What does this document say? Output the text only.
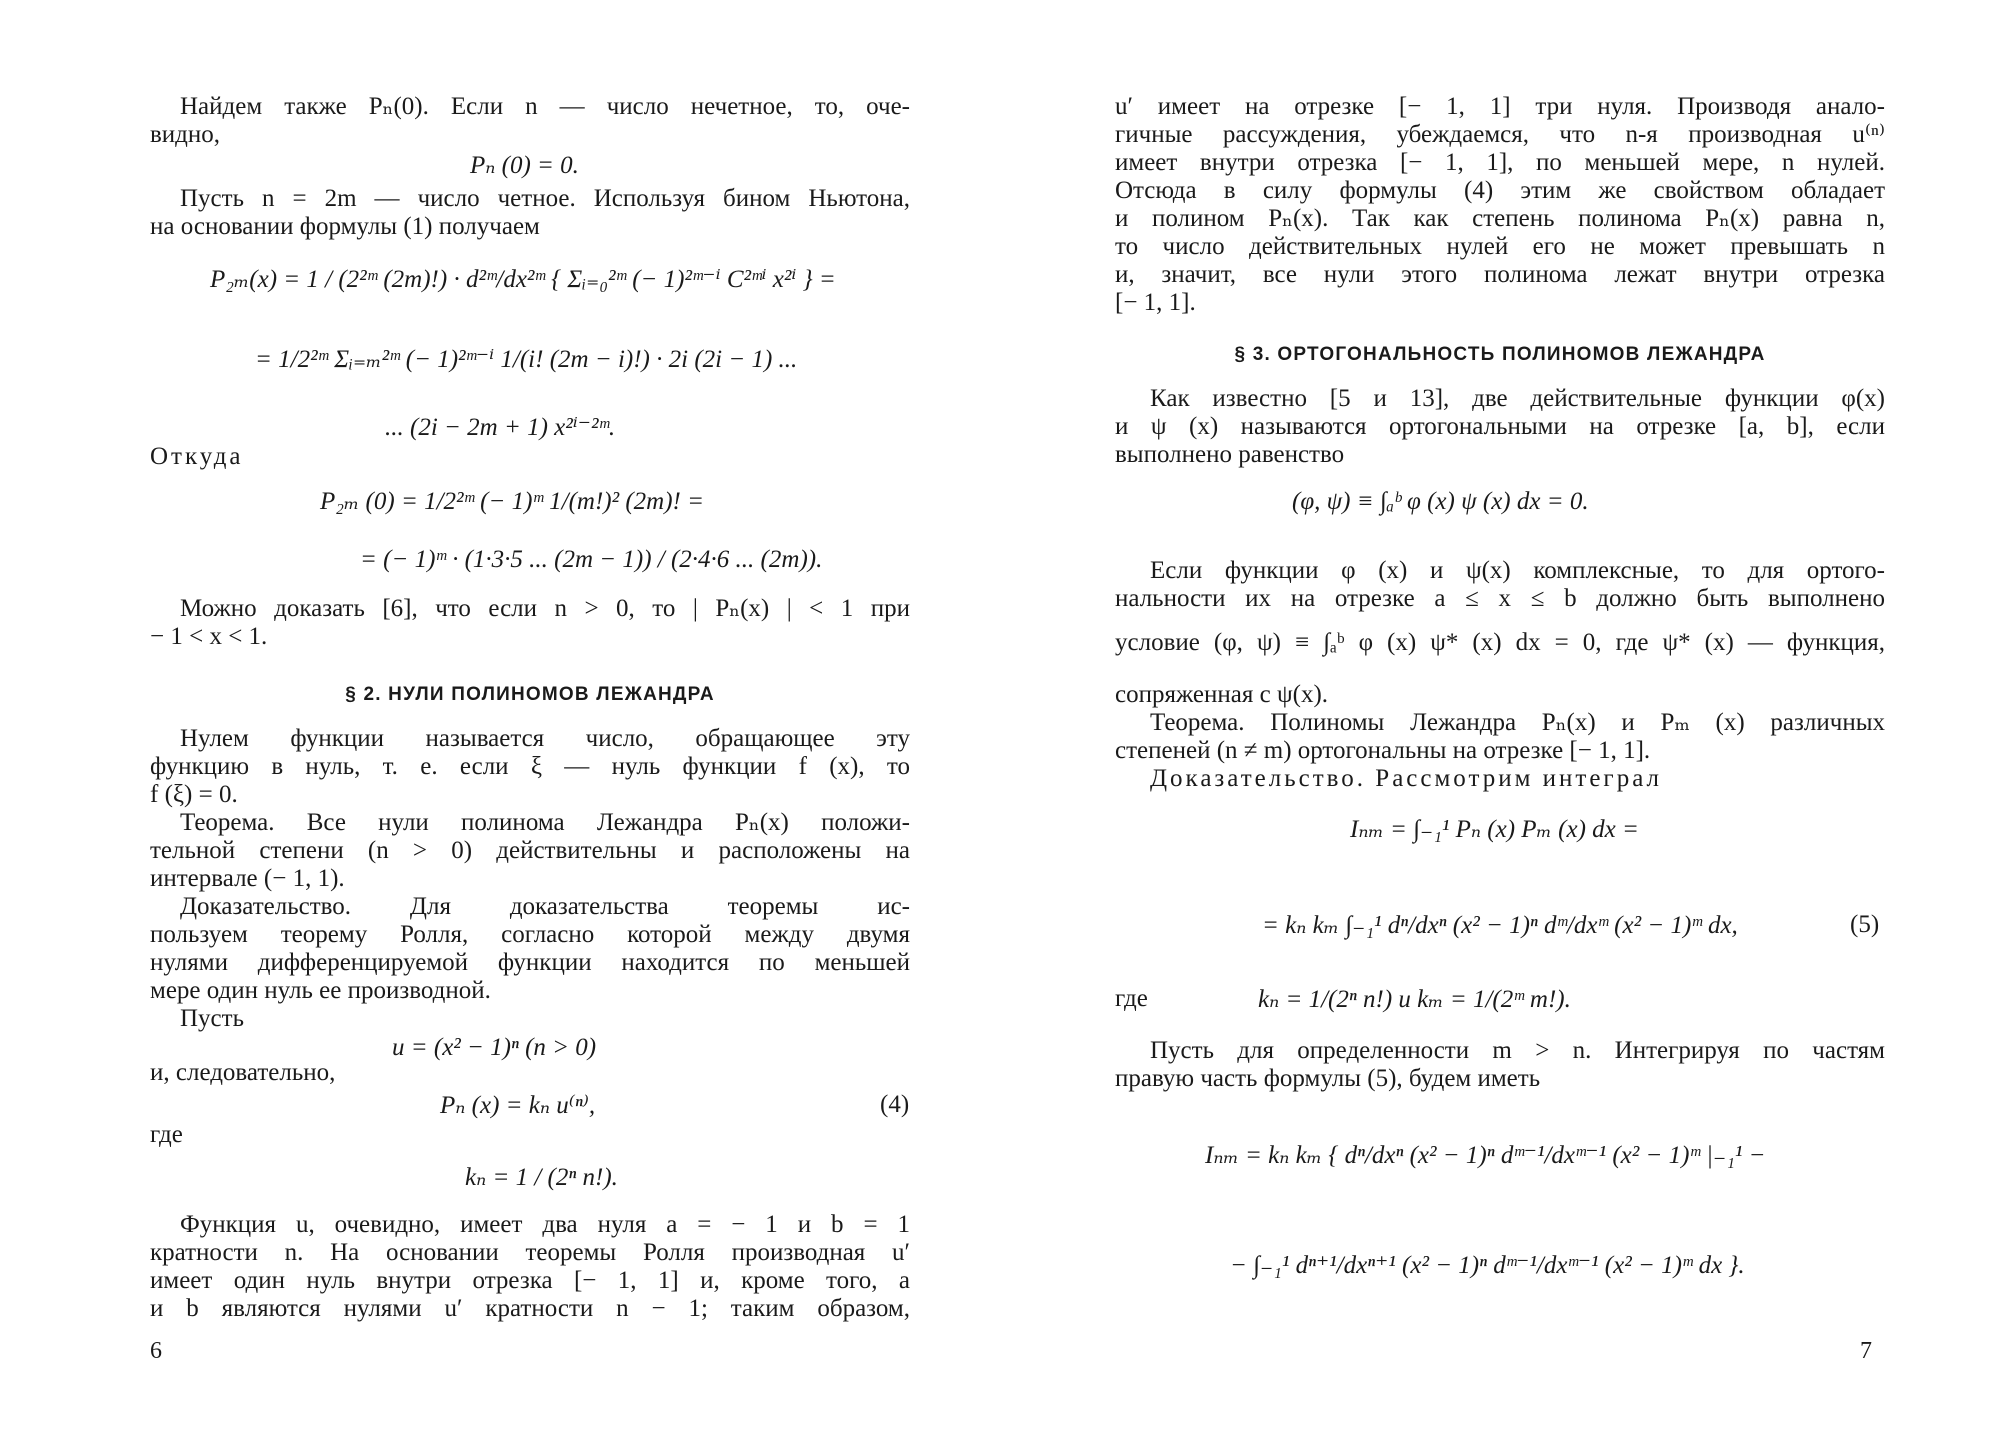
Найдем также Pₙ(0). Если n — число нечетное, то, оче-
видно,
Pₙ (0) = 0.
Пусть n = 2m — число четное. Используя бином Ньютона,
на основании формулы (1) получаем
P₂ₘ(x) = 1 / (2²ᵐ (2m)!) · d²ᵐ/dx²ᵐ { Σᵢ₌₀²ᵐ (− 1)²ᵐ⁻ⁱ C²ᵐⁱ x²ⁱ } =
= 1/2²ᵐ Σᵢ₌ₘ²ᵐ (− 1)²ᵐ⁻ⁱ 1/(i! (2m − i)!) · 2i (2i − 1) ...
... (2i − 2m + 1) x²ⁱ⁻²ᵐ.
Откуда
P₂ₘ (0) = 1/2²ᵐ (− 1)ᵐ 1/(m!)² (2m)! =
= (− 1)ᵐ · (1·3·5 ... (2m − 1)) / (2·4·6 ... (2m)).
Можно доказать [6], что если n > 0, то | Pₙ(x) | < 1 при
− 1 < x < 1.
§ 2. НУЛИ ПОЛИНОМОВ ЛЕЖАНДРА
Нулем функции называется число, обращающее эту
функцию в нуль, т. е. если ξ — нуль функции f (x), то
f (ξ) = 0.
Теорема. Все нули полинома Лежандра Pₙ(x) положи-
тельной степени (n > 0) действительны и расположены на
интервале (− 1, 1).
Доказательство. Для доказательства теоремы ис-
пользуем теорему Ролля, согласно которой между двумя
нулями дифференцируемой функции находится по меньшей
мере один нуль ее производной.
Пусть
u = (x² − 1)ⁿ (n > 0)
и, следовательно,
Pₙ (x) = kₙ u⁽ⁿ⁾,	(4)
где
kₙ = 1 / (2ⁿ n!).
Функция u, очевидно, имеет два нуля a = − 1 и b = 1
кратности n. На основании теоремы Ролля производная u′
имеет один нуль внутри отрезка [− 1, 1] и, кроме того, a
и b являются нулями u′ кратности n − 1; таким образом,
6
u′ имеет на отрезке [− 1, 1] три нуля. Производя анало-
гичные рассуждения, убеждаемся, что n-я производная u⁽ⁿ⁾
имеет внутри отрезка [− 1, 1], по меньшей мере, n нулей.
Отсюда в силу формулы (4) этим же свойством обладает
и полином Pₙ(x). Так как степень полинома Pₙ(x) равна n,
то число действительных нулей его не может превышать n
и, значит, все нули этого полинома лежат внутри отрезка
[− 1, 1].
§ 3. ОРТОГОНАЛЬНОСТЬ ПОЛИНОМОВ ЛЕЖАНДРА
Как известно [5 и 13], две действительные функции φ(x)
и ψ (x) называются ортогональными на отрезке [a, b], если
выполнено равенство
(φ, ψ) ≡ ∫ₐᵇ φ (x) ψ (x) dx = 0.
Если функции φ (x) и ψ(x) комплексные, то для ортого-
нальности их на отрезке a ≤ x ≤ b должно быть выполнено
условие (φ, ψ) ≡ ∫ₐᵇ φ (x) ψ* (x) dx = 0, где ψ* (x) — функция,
сопряженная с ψ(x).
Теорема. Полиномы Лежандра Pₙ(x) и Pₘ (x) различных
степеней (n ≠ m) ортогональны на отрезке [− 1, 1].
Доказательство. Рассмотрим интеграл
Iₙₘ = ∫₋₁¹ Pₙ (x) Pₘ (x) dx =
= kₙ kₘ ∫₋₁¹ dⁿ/dxⁿ (x² − 1)ⁿ dᵐ/dxᵐ (x² − 1)ᵐ dx,	(5)
где	kₙ = 1/(2ⁿ n!) и kₘ = 1/(2ᵐ m!).
Пусть для определенности m > n. Интегрируя по частям
правую часть формулы (5), будем иметь
Iₙₘ = kₙ kₘ { dⁿ/dxⁿ (x² − 1)ⁿ dᵐ⁻¹/dxᵐ⁻¹ (x² − 1)ᵐ |₋₁¹ −
− ∫₋₁¹ dⁿ⁺¹/dxⁿ⁺¹ (x² − 1)ⁿ dᵐ⁻¹/dxᵐ⁻¹ (x² − 1)ᵐ dx }.
7
